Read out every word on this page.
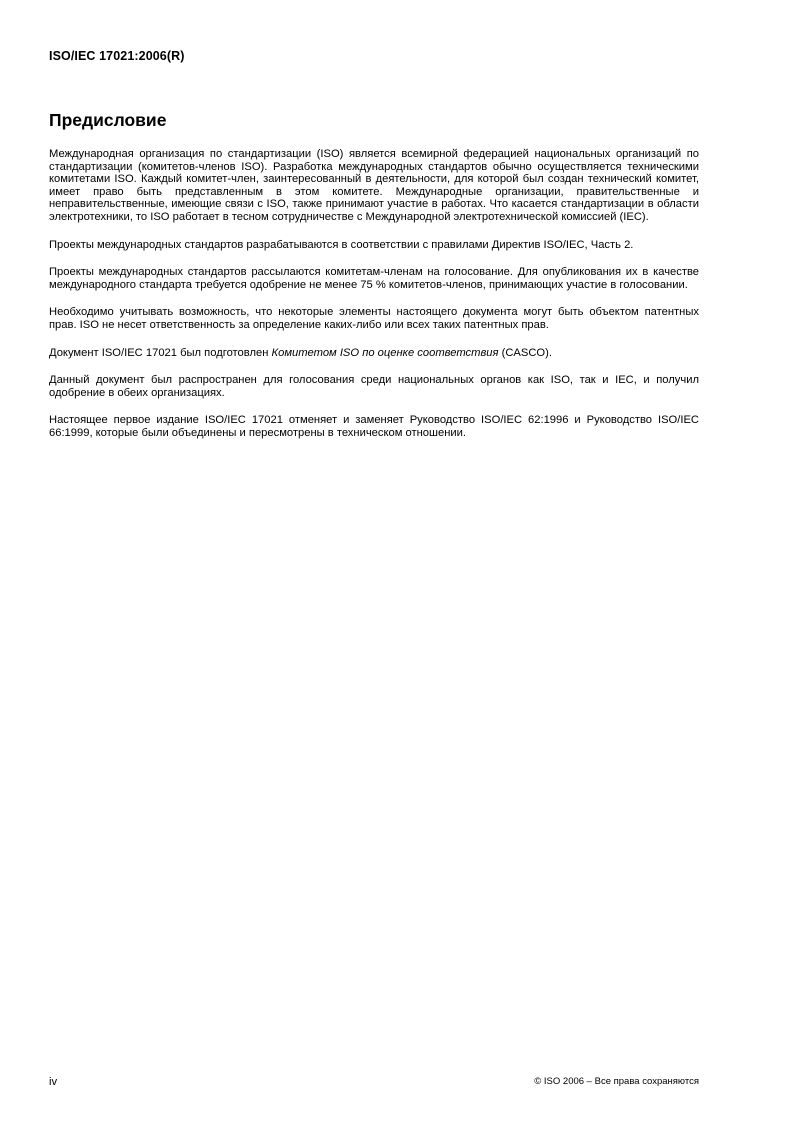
ISO/IEC 17021:2006(R)
Предисловие

Международная организация по стандартизации (ISO) является всемирной федерацией национальных организаций по стандартизации (комитетов-членов ISO). Разработка международных стандартов обычно осуществляется техническими комитетами ISO. Каждый комитет-член, заинтересованный в деятельности, для которой был создан технический комитет, имеет право быть представленным в этом комитете. Международные организации, правительственные и неправительственные, имеющие связи с ISO, также принимают участие в работах. Что касается стандартизации в области электротехники, то ISO работает в тесном сотрудничестве с Международной электротехнической комиссией (IEC).

Проекты международных стандартов разрабатываются в соответствии с правилами Директив ISO/IEC, Часть 2.

Проекты международных стандартов рассылаются комитетам-членам на голосование. Для опубликования их в качестве международного стандарта требуется одобрение не менее 75 % комитетов-членов, принимающих участие в голосовании.

Необходимо учитывать возможность, что некоторые элементы настоящего документа могут быть объектом патентных прав. ISO не несет ответственность за определение каких-либо или всех таких патентных прав.

Документ ISO/IEC 17021 был подготовлен Комитетом ISO по оценке соответствия (CASCO).

Данный документ был распространен для голосования среди национальных органов как ISO, так и IEC, и получил одобрение в обеих организациях.

Настоящее первое издание ISO/IEC 17021 отменяет и заменяет Руководство ISO/IEC 62:1996 и Руководство ISO/IEC 66:1999, которые были объединены и пересмотрены в техническом отношении.

iv	© ISO 2006 – Все права сохраняются
